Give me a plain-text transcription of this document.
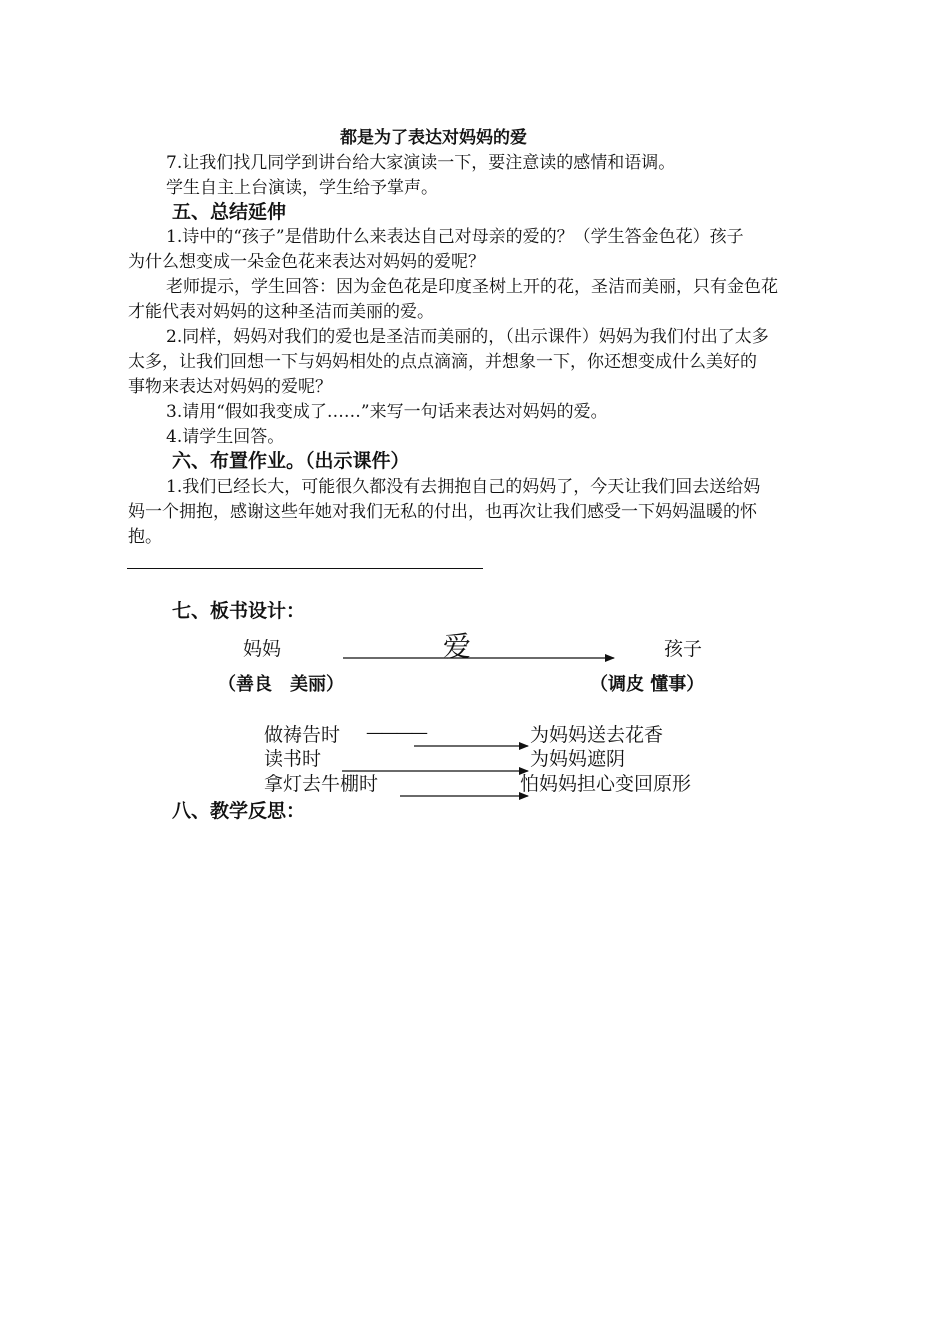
都是为了表达对妈妈的爱
7.让我们找几同学到讲台给大家演读一下，要注意读的感情和语调。
学生自主上台演读，学生给予掌声。
五、总结延伸
1.诗中的“孩子”是借助什么来表达自己对母亲的爱的？（学生答金色花）孩子
为什么想变成一朵金色花来表达对妈妈的爱呢？
老师提示，学生回答：因为金色花是印度圣树上开的花，圣洁而美丽，只有金色花
才能代表对妈妈的这种圣洁而美丽的爱。
2.同样，妈妈对我们的爱也是圣洁而美丽的，（出示课件）妈妈为我们付出了太多
太多，让我们回想一下与妈妈相处的点点滴滴，并想象一下，你还想变成什么美好的
事物来表达对妈妈的爱呢？
3.请用“假如我变成了……”来写一句话来表达对妈妈的爱。
4.请学生回答。
六、布置作业。（出示课件）
1.我们已经长大，可能很久都没有去拥抱自己的妈妈了，今天让我们回去送给妈
妈一个拥抱，感谢这些年她对我们无私的付出，也再次让我们感受一下妈妈温暖的怀
抱。
七、板书设计：
妈妈	爱	孩子
（善良　美丽）	（调皮 懂事）
做祷告时 ————	为妈妈送去花香
读书时	为妈妈遮阴
拿灯去牛棚时	怕妈妈担心变回原形
八、教学反思：
